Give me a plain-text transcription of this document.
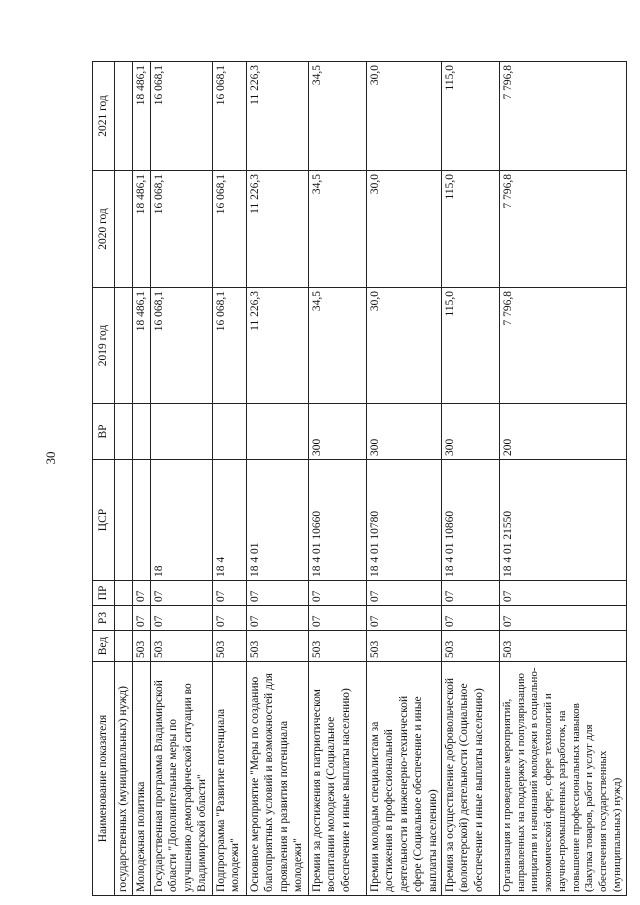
30
Наименование показателя	Вед	РЗ	ПР	ЦСР	ВР	2019 год	2020 год	2021 год
государственных (муниципальных) нужд)								
Молодежная политика	503	07	07			18 486,1	18 486,1	18 486,1
Государственная программа Владимирской области "Дополнительные меры по улучшению демографической ситуации во Владимирской области"	503	07	07	18		16 068,1	16 068,1	16 068,1
Подпрограмма "Развитие потенциала молодежи"	503	07	07	18 4		16 068,1	16 068,1	16 068,1
Основное мероприятие "Меры по созданию благоприятных условий и возможностей для проявления и развития потенциала молодежи"	503	07	07	18 4 01		11 226,3	11 226,3	11 226,3
Премии за достижения в патриотическом воспитании молодежи (Социальное обеспечение и иные выплаты населению)	503	07	07	18 4 01 10660	300	34,5	34,5	34,5
Премии молодым специалистам за достижения в профессиональной деятельности в инженерно-технической сфере (Социальное обеспечение и иные выплаты населению)	503	07	07	18 4 01 10780	300	30,0	30,0	30,0
Премия за осуществление добровольческой (волонтерской) деятельности (Социальное обеспечение и иные выплаты населению)	503	07	07	18 4 01 10860	300	115,0	115,0	115,0
Организация и проведение мероприятий, направленных на поддержку и популяризацию инициатив и начинаний молодежи в социально-экономической сфере, сфере технологий и научно-промышленных разработок, на повышение профессиональных навыков (Закупка товаров, работ и услуг для обеспечения государственных (муниципальных) нужд)	503	07	07	18 4 01 21550	200	7 796,8	7 796,8	7 796,8
